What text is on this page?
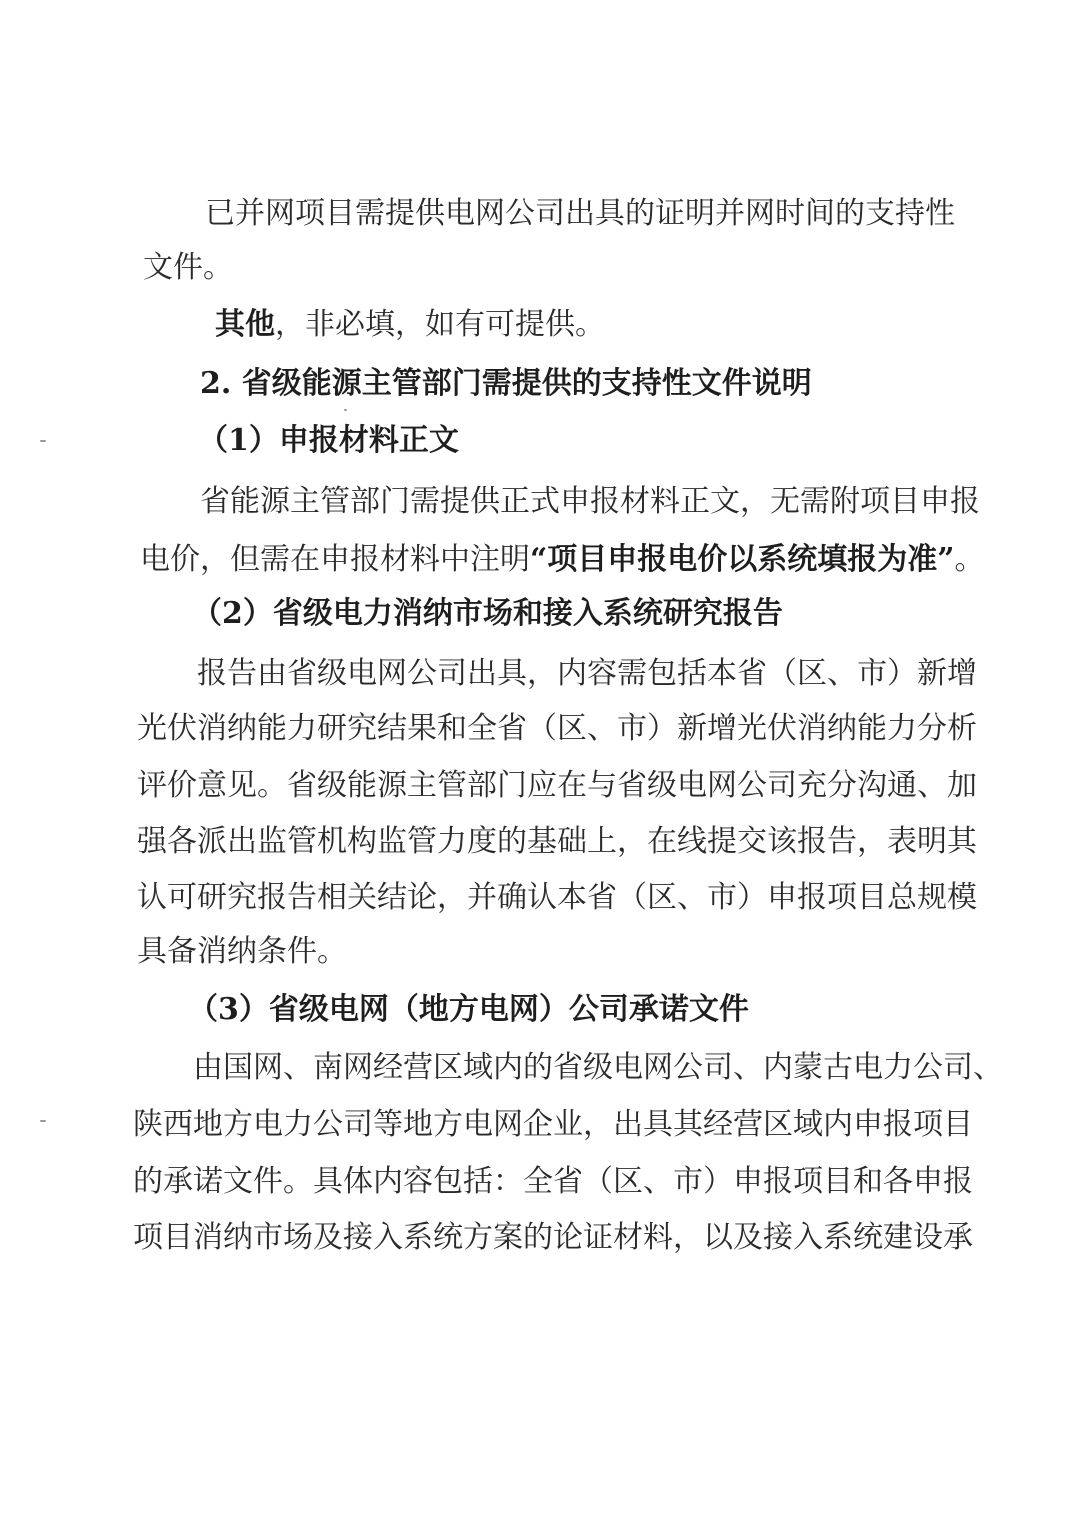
已并网项目需提供电网公司出具的证明并网时间的支持性
文件。
其他，非必填，如有可提供。
2. 省级能源主管部门需提供的支持性文件说明
（1）申报材料正文
省能源主管部门需提供正式申报材料正文，无需附项目申报
电价，但需在申报材料中注明“项目申报电价以系统填报为准”。
（2）省级电力消纳市场和接入系统研究报告
报告由省级电网公司出具，内容需包括本省（区、市）新增
光伏消纳能力研究结果和全省（区、市）新增光伏消纳能力分析
评价意见。省级能源主管部门应在与省级电网公司充分沟通、加
强各派出监管机构监管力度的基础上，在线提交该报告，表明其
认可研究报告相关结论，并确认本省（区、市）申报项目总规模
具备消纳条件。
（3）省级电网（地方电网）公司承诺文件
由国网、南网经营区域内的省级电网公司、内蒙古电力公司、
陕西地方电力公司等地方电网企业，出具其经营区域内申报项目
的承诺文件。具体内容包括：全省（区、市）申报项目和各申报
项目消纳市场及接入系统方案的论证材料，以及接入系统建设承
